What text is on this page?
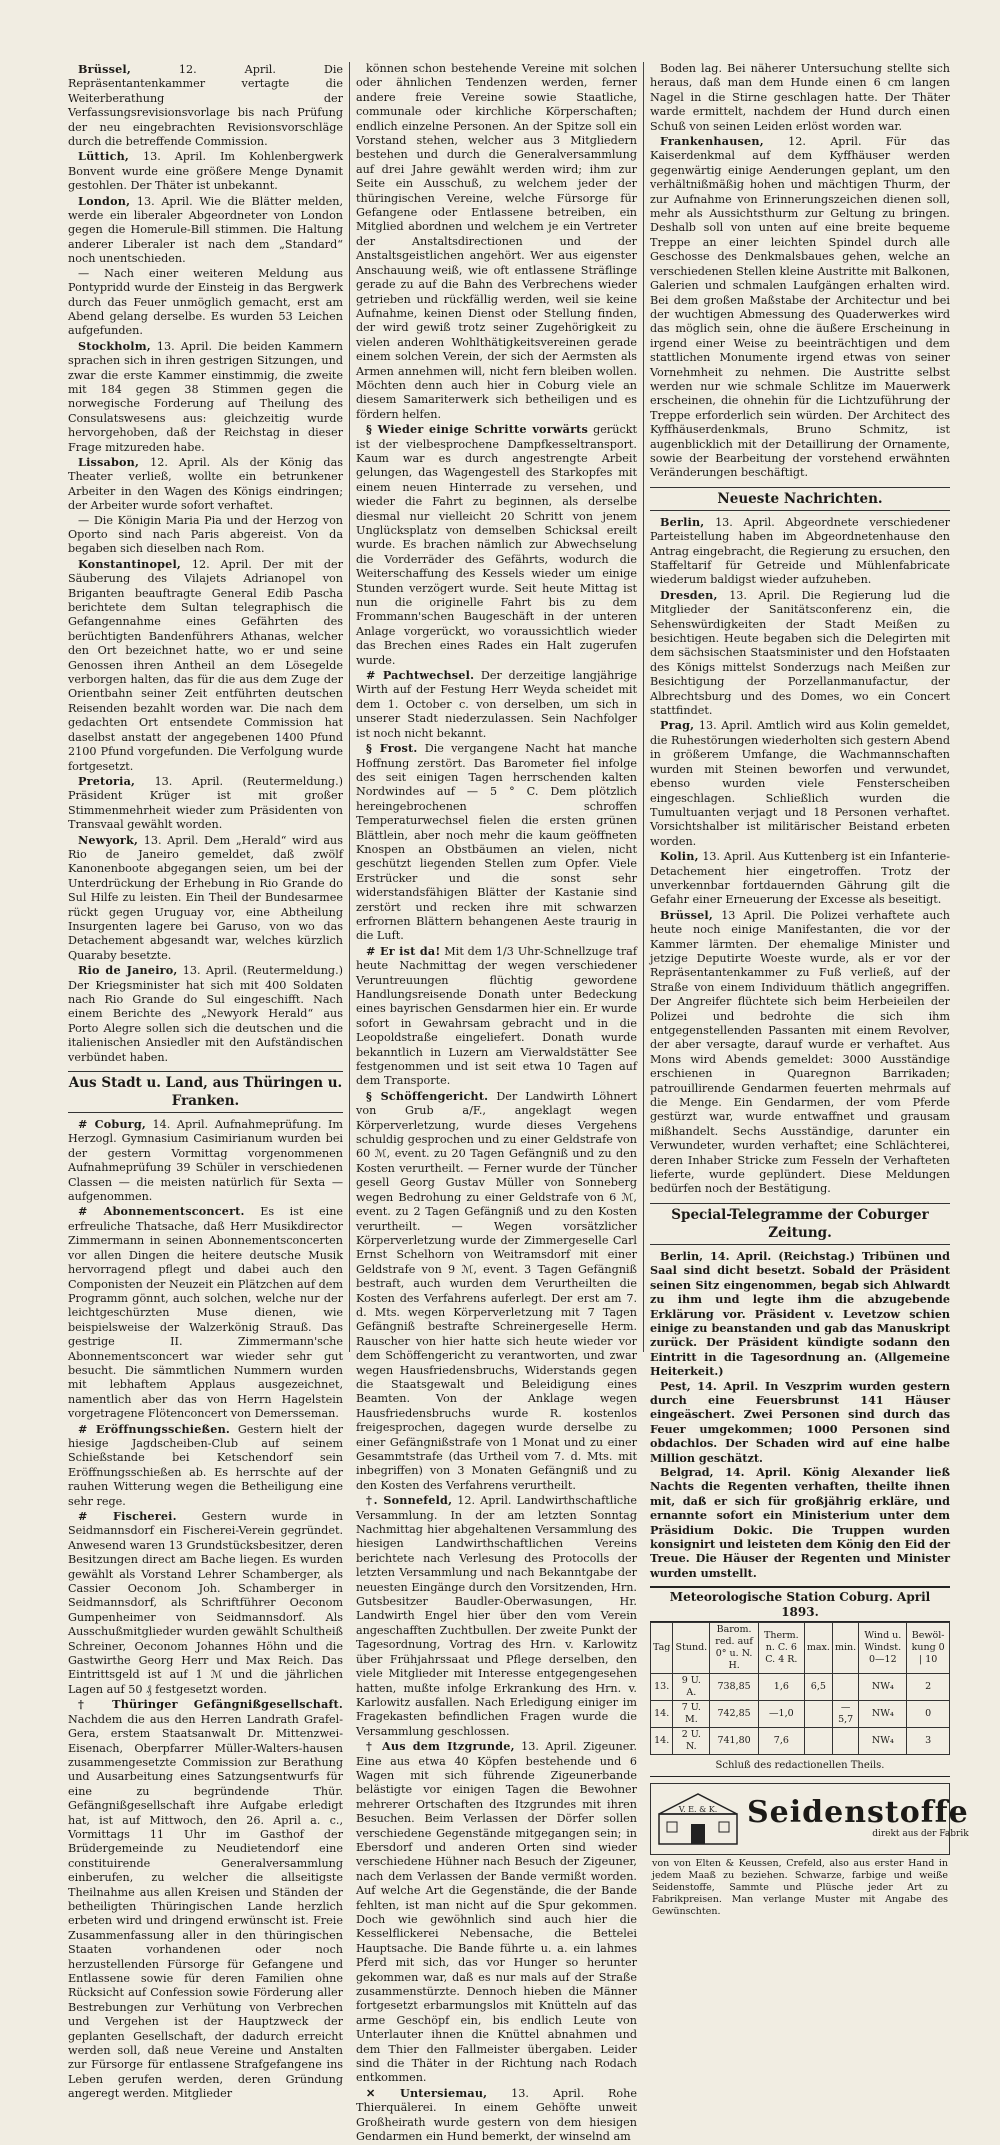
Brüssel,	12. April. Die Repräsentantenkammer vertagte die Weiterberathung der Verfassungsrevisionsvorlage bis nach Prüfung der neu eingebrachten Revisionsvorschläge durch die betreffende Commission.

Lüttich, 13. April. Im Kohlenbergwerk Bonvent wurde eine größere Menge Dynamit gestohlen. Der Thäter ist unbekannt.

London, 13. April. Wie die Blätter melden, werde ein liberaler Abgeordneter von London gegen die Homerule-Bill stimmen. Die Haltung anderer Liberaler ist nach dem „Standard“ noch unentschieden.

— Nach einer weiteren Meldung aus Pontypridd wurde der Einsteig in das Bergwerk durch das Feuer unmöglich gemacht, erst am Abend gelang derselbe. Es wurden 53 Leichen aufgefunden.

Stockholm, 13. April. Die beiden Kammern sprachen sich in ihren gestrigen Sitzungen, und zwar die erste Kammer einstimmig, die zweite mit 184 gegen 38 Stimmen gegen die norwegische Forderung auf Theilung des Consulatswesens aus: gleichzeitig wurde hervorgehoben, daß der Reichstag in dieser Frage mitzureden habe.

Lissabon, 12. April. Als der König das Theater verließ, wollte ein betrunkener Arbeiter in den Wagen des Königs eindringen; der Arbeiter wurde sofort verhaftet.

— Die Königin Maria Pia und der Herzog von Oporto sind nach Paris abgereist. Von da begaben sich dieselben nach Rom.

Konstantinopel, 12. April. Der mit der Säuberung des Vilajets Adrianopel von Briganten beauftragte General Edib Pascha berichtete dem Sultan telegraphisch die Gefangennahme eines Gefährten des berüchtigten Bandenführers Athanas, welcher den Ort bezeichnet hatte, wo er und seine Genossen ihren Antheil an dem Lösegelde verborgen halten, das für die aus dem Zuge der Orientbahn seiner Zeit entführten deutschen Reisenden bezahlt worden war. Die nach dem gedachten Ort entsendete Commission hat daselbst anstatt der angegebenen 1400 Pfund 2100 Pfund vorgefunden. Die Verfolgung wurde fortgesetzt.

Pretoria, 13. April. (Reutermeldung.) Präsident Krüger ist mit großer Stimmenmehrheit wieder zum Präsidenten von Transvaal gewählt worden.

Newyork, 13. April. Dem „Herald“ wird aus Rio de Janeiro gemeldet, daß zwölf Kanonenboote abgegangen seien, um bei der Unterdrückung der Erhebung in Rio Grande do Sul Hilfe zu leisten. Ein Theil der Bundesarmee rückt gegen Uruguay vor, eine Abtheilung Insurgenten lagere bei Garuso, von wo das Detachement abgesandt war, welches kürzlich Quaraby besetzte.

Rio de Janeiro, 13. April. (Reutermeldung.) Der Kriegsminister hat sich mit 400 Soldaten nach Rio Grande do Sul eingeschifft. Nach einem Berichte des „Newyork Herald“ aus Porto Alegre sollen sich die deutschen und die italienischen Ansiedler mit den Aufständischen verbündet haben.

Aus Stadt u. Land, aus Thüringen u. Franken.

# Coburg, 14. April. Aufnahmeprüfung. Im Herzogl. Gymnasium Casimirianum wurden bei der gestern Vormittag vorgenommenen Aufnahmeprüfung 39 Schüler in verschiedenen Classen — die meisten natürlich für Sexta — aufgenommen.

# Abonnementsconcert. Es ist eine erfreuliche Thatsache, daß Herr Musikdirector Zimmermann in seinen Abonnementsconcerten vor allen Dingen die heitere deutsche Musik hervorragend pflegt und dabei auch den Componisten der Neuzeit ein Plätzchen auf dem Programm gönnt, auch solchen, welche nur der leichtgeschürzten Muse dienen, wie beispielsweise der Walzerkönig Strauß. Das gestrige II. Zimmermann'sche Abonnementsconcert war wieder sehr gut besucht. Die sämmtlichen Nummern wurden mit lebhaftem Applaus ausgezeichnet, namentlich aber das von Herrn Hagelstein vorgetragene Flötenconcert von Demersseman.

# Eröffnungsschießen. Gestern hielt der hiesige Jagdscheiben-Club auf seinem Schießstande bei Ketschendorf sein Eröffnungsschießen ab. Es herrschte auf der rauhen Witterung wegen die Betheiligung eine sehr rege.

# Fischerei. Gestern wurde in Seidmannsdorf ein Fischerei-Verein gegründet. Anwesend waren 13 Grundstücksbesitzer, deren Besitzungen direct am Bache liegen. Es wurden gewählt als Vorstand Lehrer Schamberger, als Cassier Oeconom Joh. Schamberger in Seidmannsdorf, als Schriftführer Oeconom Gumpenheimer von Seidmannsdorf. Als Ausschußmitglieder wurden gewählt Schultheiß Schreiner, Oeconom Johannes Höhn und die Gastwirthe Georg Herr und Max Reich. Das Eintrittsgeld ist auf 1 ℳ und die jährlichen Lagen auf 50 ₰ festgesetzt worden.

† Thüringer Gefängnißgesellschaft. Nachdem die aus den Herren Landrath Grafel-Gera, erstem Staatsanwalt Dr. Mittenzwei-Eisenach, Oberpfarrer Müller-Walters-hausen zusammengesetzte Commission zur Berathung und Ausarbeitung eines Satzungsentwurfs für eine zu begründende Thür. Gefängnißgesellschaft ihre Aufgabe erledigt hat, ist auf Mittwoch, den 26. April a. c., Vormittags 11 Uhr im Gasthof der Brüdergemeinde zu Neudietendorf eine constituirende Generalversammlung einberufen, zu welcher die allseitigste Theilnahme aus allen Kreisen und Ständen der betheiligten Thüringischen Lande herzlich erbeten wird und dringend erwünscht ist. Freie Zusammenfassung aller in den thüringischen Staaten vorhandenen oder noch herzustellenden Fürsorge für Gefangene und Entlassene sowie für deren Familien ohne Rücksicht auf Confession sowie Förderung aller Bestrebungen zur Verhütung von Verbrechen und Vergehen ist der Hauptzweck der geplanten Gesellschaft, der dadurch erreicht werden soll, daß neue Vereine und Anstalten zur Fürsorge für entlassene Strafgefangene ins Leben gerufen werden, deren Gründung angeregt werden. Mitglieder

können schon bestehende Vereine mit solchen oder ähnlichen Tendenzen werden, ferner andere freie Vereine sowie Staatliche, communale oder kirchliche Körperschaften; endlich einzelne Personen. An der Spitze soll ein Vorstand stehen, welcher aus 3 Mitgliedern bestehen und durch die Generalversammlung auf drei Jahre gewählt werden wird; ihm zur Seite ein Ausschuß, zu welchem jeder der thüringischen Vereine, welche Fürsorge für Gefangene oder Entlassene betreiben, ein Mitglied abordnen und welchem je ein Vertreter der Anstaltsdirectionen und der Anstaltsgeistlichen angehört. Wer aus eigenster Anschauung weiß, wie oft entlassene Sträflinge gerade zu auf die Bahn des Verbrechens wieder getrieben und rückfällig werden, weil sie keine Aufnahme, keinen Dienst oder Stellung finden, der wird gewiß trotz seiner Zugehörigkeit zu vielen anderen Wohlthätigkeitsvereinen gerade einem solchen Verein, der sich der Aermsten als Armen annehmen will, nicht fern bleiben wollen. Möchten denn auch hier in Coburg viele an diesem Samariterwerk sich betheiligen und es fördern helfen.

§ Wieder einige Schritte vorwärts gerückt ist der vielbesprochene Dampfkesseltransport. Kaum war es durch angestrengte Arbeit gelungen, das Wagengestell des Starkopfes mit einem neuen Hinterrade zu versehen, und wieder die Fahrt zu beginnen, als derselbe diesmal nur vielleicht 20 Schritt von jenem Unglücksplatz von demselben Schicksal ereilt wurde. Es brachen nämlich zur Abwechselung die Vorderräder des Gefährts, wodurch die Weiterschaffung des Kessels wieder um einige Stunden verzögert wurde. Seit heute Mittag ist nun die originelle Fahrt bis zu dem Frommann'schen Baugeschäft in der unteren Anlage vorgerückt, wo voraussichtlich wieder das Brechen eines Rades ein Halt zugerufen wurde.

# Pachtwechsel. Der derzeitige langjährige Wirth auf der Festung Herr Weyda scheidet mit dem 1. October c. von derselben, um sich in unserer Stadt niederzulassen. Sein Nachfolger ist noch nicht bekannt.

§ Frost. Die vergangene Nacht hat manche Hoffnung zerstört. Das Barometer fiel infolge des seit einigen Tagen herrschenden kalten Nordwindes auf — 5 ° C. Dem plötzlich hereingebrochenen schroffen Temperaturwechsel fielen die ersten grünen Blättlein, aber noch mehr die kaum geöffneten Knospen an Obstbäumen an vielen, nicht geschützt liegenden Stellen zum Opfer. Viele Erstrücker und die sonst sehr widerstandsfähigen Blätter der Kastanie sind zerstört und recken ihre mit schwarzen erfrornen Blättern behangenen Aeste traurig in die Luft.

# Er ist da! Mit dem 1/3 Uhr-Schnellzuge traf heute Nachmittag der wegen verschiedener Veruntreuungen flüchtig gewordene Handlungsreisende Donath unter Bedeckung eines bayrischen Gensdarmen hier ein. Er wurde sofort in Gewahrsam gebracht und in die Leopoldstraße eingeliefert. Donath wurde bekanntlich in Luzern am Vierwaldstätter See festgenommen und ist seit etwa 10 Tagen auf dem Transporte.

§ Schöffengericht. Der Landwirth Löhnert von Grub a/F., angeklagt wegen Körperverletzung, wurde dieses Vergehens schuldig gesprochen und zu einer Geldstrafe von 60 ℳ, event. zu 20 Tagen Gefängniß und zu den Kosten verurtheilt. — Ferner wurde der Tüncher gesell Georg Gustav Müller von Sonneberg wegen Bedrohung zu einer Geldstrafe von 6 ℳ, event. zu 2 Tagen Gefängniß und zu den Kosten verurtheilt. — Wegen vorsätzlicher Körperverletzung wurde der Zimmergeselle Carl Ernst Schelhorn von Weitramsdorf mit einer Geldstrafe von 9 ℳ, event. 3 Tagen Gefängniß bestraft, auch wurden dem Verurtheilten die Kosten des Verfahrens auferlegt. Der erst am 7. d. Mts. wegen Körperverletzung mit 7 Tagen Gefängniß bestrafte Schreinergeselle Herm. Rauscher von hier hatte sich heute wieder vor dem Schöffengericht zu verantworten, und zwar wegen Hausfriedensbruchs, Widerstands gegen die Staatsgewalt und Beleidigung eines Beamten. Von der Anklage wegen Hausfriedensbruchs wurde R. kostenlos freigesprochen, dagegen wurde derselbe zu einer Gefängnißstrafe von 1 Monat und zu einer Gesammtstrafe (das Urtheil vom 7. d. Mts. mit inbegriffen) von 3 Monaten Gefängniß und zu den Kosten des Verfahrens verurtheilt.

†. Sonnefeld, 12. April. Landwirthschaftliche Versammlung. In der am letzten Sonntag Nachmittag hier abgehaltenen Versammlung des hiesigen Landwirthschaftlichen Vereins berichtete nach Verlesung des Protocolls der letzten Versammlung und nach Bekanntgabe der neuesten Eingänge durch den Vorsitzenden, Hrn. Gutsbesitzer Baudler-Oberwasungen, Hr. Landwirth Engel hier über den vom Verein angeschafften Zuchtbullen. Der zweite Punkt der Tagesordnung, Vortrag des Hrn. v. Karlowitz über Frühjahrssaat und Pflege derselben, den viele Mitglieder mit Interesse entgegengesehen hatten, mußte infolge Erkrankung des Hrn. v. Karlowitz ausfallen. Nach Erledigung einiger im Fragekasten befindlichen Fragen wurde die Versammlung geschlossen.

† Aus dem Itzgrunde, 13. April. Zigeuner. Eine aus etwa 40 Köpfen bestehende und 6 Wagen mit sich führende Zigeunerbande belästigte vor einigen Tagen die Bewohner mehrerer Ortschaften des Itzgrundes mit ihren Besuchen. Beim Verlassen der Dörfer sollen verschiedene Gegenstände mitgegangen sein; in Ebersdorf und anderen Orten sind wieder verschiedene Hühner nach Besuch der Zigeuner, nach dem Verlassen der Bande vermißt worden. Auf welche Art die Gegenstände, die der Bande fehlten, ist man nicht auf die Spur gekommen. Doch wie gewöhnlich sind auch hier die Kesselflickerei Nebensache, die Bettelei Hauptsache. Die Bande führte u. a. ein lahmes Pferd mit sich, das vor Hunger so herunter gekommen war, daß es nur mals auf der Straße zusammenstürzte. Dennoch hieben die Männer fortgesetzt erbarmungslos mit Knütteln auf das arme Geschöpf ein, bis endlich Leute von Unterlauter ihnen die Knüttel abnahmen und dem Thier den Fallmeister übergaben. Leider sind die Thäter in der Richtung nach Rodach entkommen.

✕ Untersiemau, 13. April. Rohe Thierquälerei. In einem Gehöfte unweit Großheirath wurde gestern von dem hiesigen Gendarmen ein Hund bemerkt, der winselnd am

Boden lag. Bei näherer Untersuchung stellte sich heraus, daß man dem Hunde einen 6 cm langen Nagel in die Stirne geschlagen hatte. Der Thäter warde ermittelt, nachdem der Hund durch einen Schuß von seinen Leiden erlöst worden war.

Frankenhausen, 12. April. Für das Kaiserdenkmal auf dem Kyffhäuser werden gegenwärtig einige Aenderungen geplant, um den verhältnißmäßig hohen und mächtigen Thurm, der zur Aufnahme von Erinnerungszeichen dienen soll, mehr als Aussichtsthurm zur Geltung zu bringen. Deshalb soll von unten auf eine breite bequeme Treppe an einer leichten Spindel durch alle Geschosse des Denkmalsbaues gehen, welche an verschiedenen Stellen kleine Austritte mit Balkonen, Galerien und schmalen Laufgängen erhalten wird. Bei dem großen Maßstabe der Architectur und bei der wuchtigen Abmessung des Quaderwerkes wird das möglich sein, ohne die äußere Erscheinung in irgend einer Weise zu beeinträchtigen und dem stattlichen Monumente irgend etwas von seiner Vornehmheit zu nehmen. Die Austritte selbst werden nur wie schmale Schlitze im Mauerwerk erscheinen, die ohnehin für die Lichtzuführung der Treppe erforderlich sein würden. Der Architect des Kyffhäuserdenkmals, Bruno Schmitz, ist augenblicklich mit der Detaillirung der Ornamente, sowie der Bearbeitung der vorstehend erwähnten Veränderungen beschäftigt.

Neueste Nachrichten.

Berlin, 13. April. Abgeordnete verschiedener Parteistellung haben im Abgeordnetenhause den Antrag eingebracht, die Regierung zu ersuchen, den Staffeltarif für Getreide und Mühlenfabricate wiederum baldigst wieder aufzuheben.

Dresden, 13. April. Die Regierung lud die Mitglieder der Sanitätsconferenz ein, die Sehenswürdigkeiten der Stadt Meißen zu besichtigen. Heute begaben sich die Delegirten mit dem sächsischen Staatsminister und den Hofstaaten des Königs mittelst Sonderzugs nach Meißen zur Besichtigung der Porzellanmanufactur, der Albrechtsburg und des Domes, wo ein Concert stattfindet.

Prag, 13. April. Amtlich wird aus Kolin gemeldet, die Ruhestörungen wiederholten sich gestern Abend in größerem Umfange, die Wachmannschaften wurden mit Steinen beworfen und verwundet, ebenso wurden viele Fensterscheiben eingeschlagen. Schließlich wurden die Tumultuanten verjagt und 18 Personen verhaftet. Vorsichtshalber ist militärischer Beistand erbeten worden.

Kolin, 13. April. Aus Kuttenberg ist ein Infanterie-Detachement hier eingetroffen. Trotz der unverkennbar fortdauernden Gährung gilt die Gefahr einer Erneuerung der Excesse als beseitigt.

Brüssel, 13 April. Die Polizei verhaftete auch heute noch einige Manifestanten, die vor der Kammer lärmten. Der ehemalige Minister und jetzige Deputirte Woeste wurde, als er vor der Repräsentantenkammer zu Fuß verließ, auf der Straße von einem Individuum thätlich angegriffen. Der Angreifer flüchtete sich beim Herbeieilen der Polizei und bedrohte die sich ihm entgegenstellenden Passanten mit einem Revolver, der aber versagte, darauf wurde er verhaftet. Aus Mons wird Abends gemeldet: 3000 Ausständige erschienen in Quaregnon Barrikaden; patrouillirende Gendarmen feuerten mehrmals auf die Menge. Ein Gendarmen, der vom Pferde gestürzt war, wurde entwaffnet und grausam mißhandelt. Sechs Ausständige, darunter ein Verwundeter, wurden verhaftet; eine Schlächterei, deren Inhaber Stricke zum Fesseln der Verhafteten lieferte, wurde geplündert. Diese Meldungen bedürfen noch der Bestätigung.

Special-Telegramme der Coburger Zeitung.

Berlin, 14. April. (Reichstag.) Tribünen und Saal sind dicht besetzt. Sobald der Präsident seinen Sitz eingenommen, begab sich Ahlwardt zu ihm und legte ihm die abzugebende Erklärung vor. Präsident v. Levetzow schien einige zu beanstanden und gab das Manuskript zurück. Der Präsident kündigte sodann den Eintritt in die Tagesordnung an. (Allgemeine Heiterkeit.)

Pest, 14. April. In Veszprim wurden gestern durch eine Feuersbrunst 141 Häuser eingeäschert. Zwei Personen sind durch das Feuer umgekommen; 1000 Personen sind obdachlos. Der Schaden wird auf eine halbe Million geschätzt.

Belgrad, 14. April. König Alexander ließ Nachts die Regenten verhaften, theilte ihnen mit, daß er sich für großjährig erkläre, und ernannte sofort ein Ministerium unter dem Präsidium Dokic. Die Truppen wurden konsignirt und leisteten dem König den Eid der Treue. Die Häuser der Regenten und Minister wurden umstellt.

Meteorologische Station Coburg. April 1893.
Tag	Stund.	Barom. red. auf 0° u. N. H.	Therm. n. C. 6 C. 4 R.	max.	min.	Wind u. Windst. 0—12	Bewöl-kung 0 | 10
13.	9 U. A.	738,85	1,6	6,5		NW₄	2
14.	7 U. M.	742,85	—1,0		—5,7	NW₄	0
14.	2 U. N.	741,80	7,6			NW₄	3
Schluß des redactionellen Theils.
V. E. & K. Seidenstoffe
direkt aus der Fabrik
von von Elten & Keussen, Crefeld, also aus erster Hand in jedem Maaß zu beziehen. Schwarze, farbige und weiße Seidenstoffe, Sammte und Plüsche jeder Art zu Fabrikpreisen. Man verlange Muster mit Angabe des Gewünschten.
